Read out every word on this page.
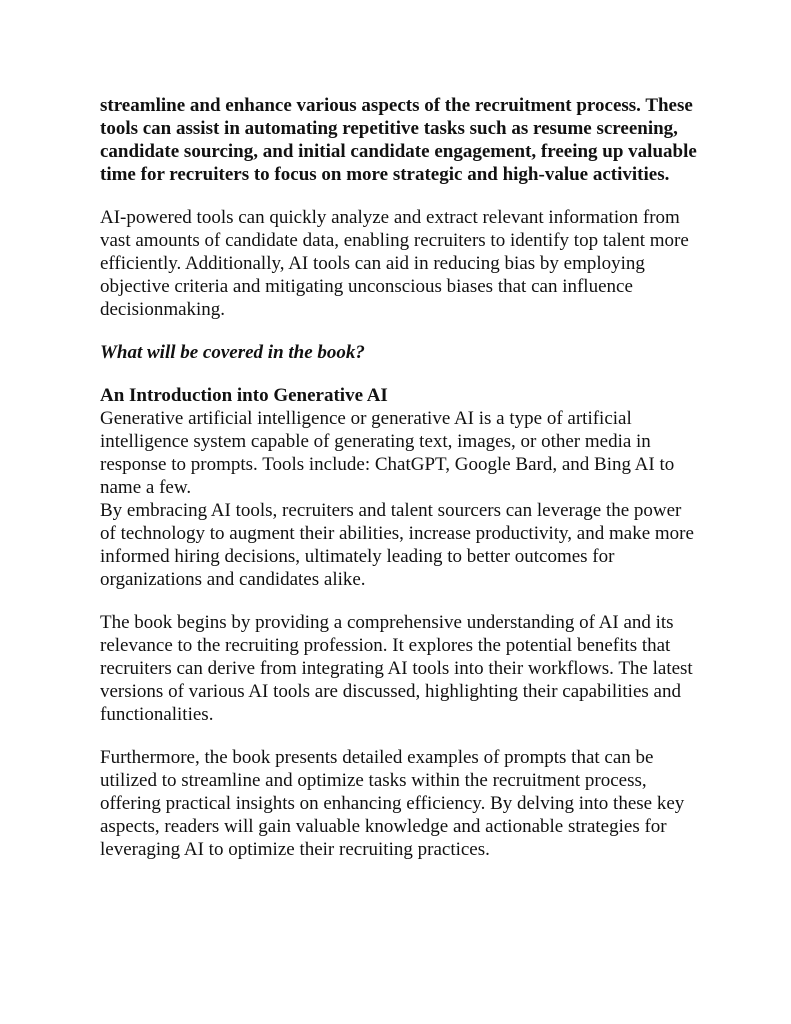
streamline and enhance various aspects of the recruitment process. These tools can assist in automating repetitive tasks such as resume screening, candidate sourcing, and initial candidate engagement, freeing up valuable time for recruiters to focus on more strategic and high-value activities.

AI-powered tools can quickly analyze and extract relevant information from vast amounts of candidate data, enabling recruiters to identify top talent more efficiently. Additionally, AI tools can aid in reducing bias by employing objective criteria and mitigating unconscious biases that can influence decisionmaking.

What will be covered in the book?

An Introduction into Generative AI
Generative artificial intelligence or generative AI is a type of artificial intelligence system capable of generating text, images, or other media in response to prompts. Tools include: ChatGPT, Google Bard, and Bing AI to name a few.
By embracing AI tools, recruiters and talent sourcers can leverage the power of technology to augment their abilities, increase productivity, and make more informed hiring decisions, ultimately leading to better outcomes for organizations and candidates alike.

The book begins by providing a comprehensive understanding of AI and its relevance to the recruiting profession. It explores the potential benefits that recruiters can derive from integrating AI tools into their workflows. The latest versions of various AI tools are discussed, highlighting their capabilities and functionalities.

Furthermore, the book presents detailed examples of prompts that can be utilized to streamline and optimize tasks within the recruitment process, offering practical insights on enhancing efficiency. By delving into these key aspects, readers will gain valuable knowledge and actionable strategies for leveraging AI to optimize their recruiting practices.
